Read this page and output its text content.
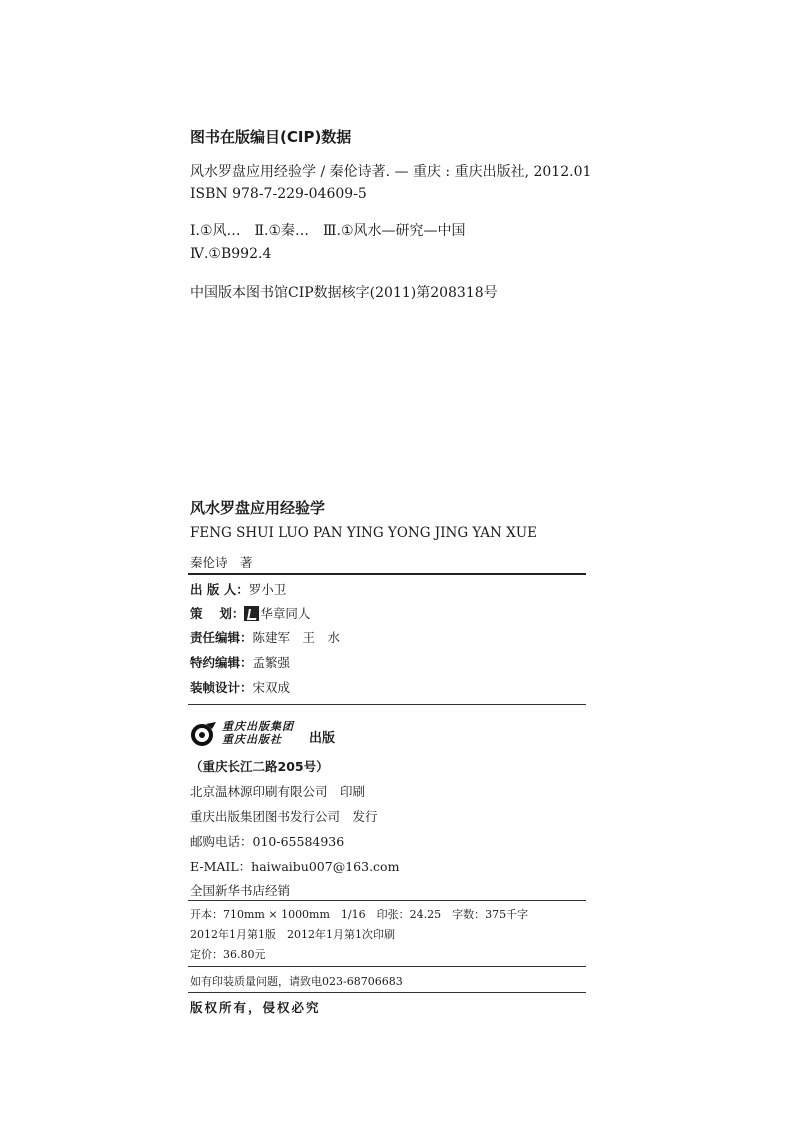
图书在版编目(CIP)数据
风水罗盘应用经验学 / 秦伦诗著. — 重庆 : 重庆出版社, 2012.01
ISBN 978-7-229-04609-5
Ⅰ.①风…　Ⅱ.①秦…　Ⅲ.①风水—研究—中国
Ⅳ.①B992.4
中国版本图书馆CIP数据核字(2011)第208318号
风水罗盘应用经验学
FENG SHUI LUO PAN YING YONG JING YAN XUE
秦伦诗　著
出 版 人：罗小卫
策　 划： 华章同人
责任编辑：陈建军　王　水
特约编辑：孟繁强
装帧设计：宋双成
重庆出版集团
重庆出版社	出版
（重庆长江二路205号）
北京温林源印刷有限公司　印刷
重庆出版集团图书发行公司　发行
邮购电话：010-65584936
E-MAIL：haiwaibu007@163.com
全国新华书店经销
开本：710mm × 1000mm　1/16　印张：24.25　字数：375千字
2012年1月第1版　2012年1月第1次印刷
定价：36.80元
如有印装质量问题，请致电023-68706683
版权所有，侵权必究
